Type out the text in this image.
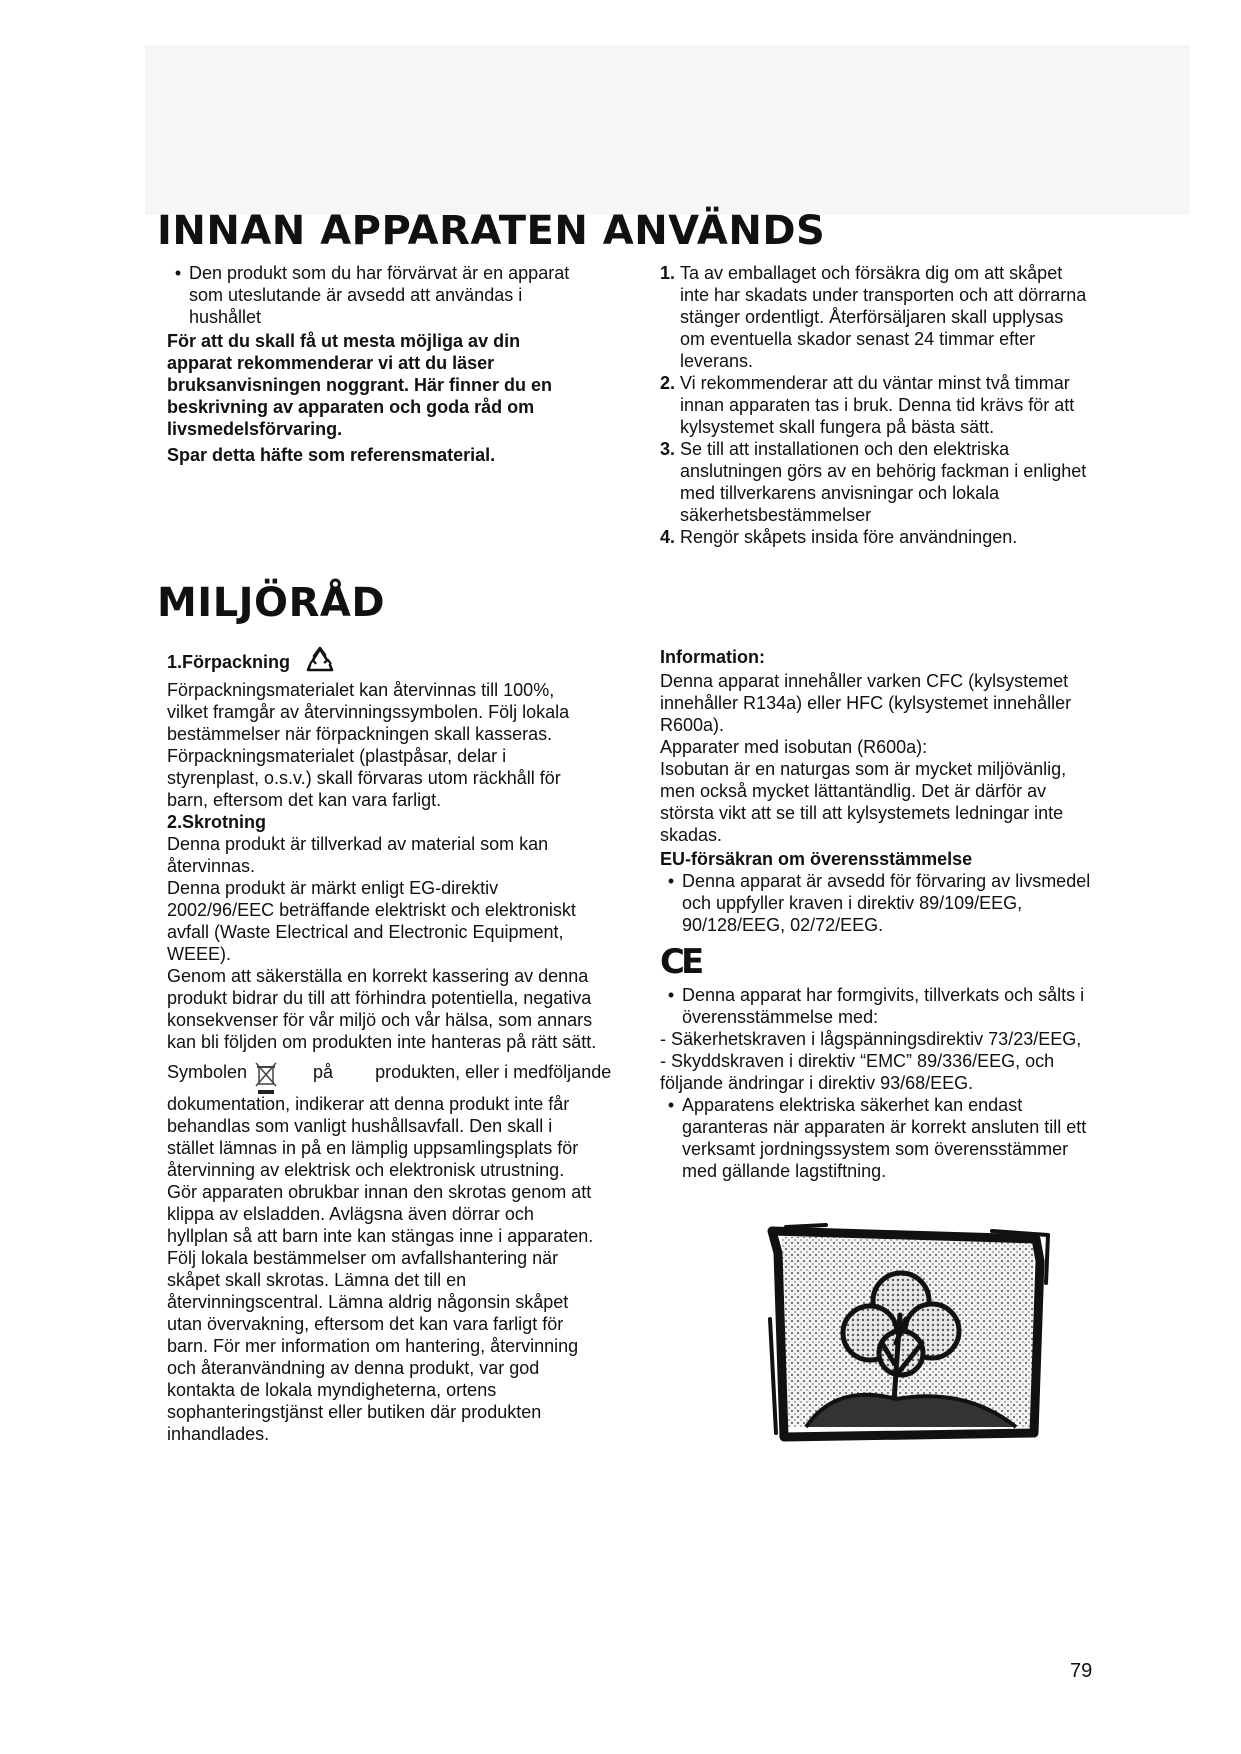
INNAN APPARATEN ANVÄNDS
• Den produkt som du har förvärvat är en apparat som uteslutande är avsedd att användas i hushållet

För att du skall få ut mesta möjliga av din apparat rekommenderar vi att du läser bruksanvisningen noggrant. Här finner du en beskrivning av apparaten och goda råd om livsmedelsförvaring.

Spar detta häfte som referensmaterial.

1. Ta av emballaget och försäkra dig om att skåpet inte har skadats under transporten och att dörrarna stänger ordentligt. Återförsäljaren skall upplysas om eventuella skador senast 24 timmar efter leverans.
2. Vi rekommenderar att du väntar minst två timmar innan apparaten tas i bruk. Denna tid krävs för att kylsystemet skall fungera på bästa sätt.
3. Se till att installationen och den elektriska anslutningen görs av en behörig fackman i enlighet med tillverkarens anvisningar och lokala säkerhetsbestämmelser
4. Rengör skåpets insida före användningen.
MILJÖRÅD
1.Förpackning

Förpackningsmaterialet kan återvinnas till 100%, vilket framgår av återvinningssymbolen. Följ lokala bestämmelser när förpackningen skall kasseras. Förpackningsmaterialet (plastpåsar, delar i styrenplast, o.s.v.) skall förvaras utom räckhåll för barn, eftersom det kan vara farligt.

2.Skrotning

Denna produkt är tillverkad av material som kan återvinnas.

Denna produkt är märkt enligt EG-direktiv 2002/96/EEC beträffande elektriskt och elektroniskt avfall (Waste Electrical and Electronic Equipment, WEEE).

Genom att säkerställa en korrekt kassering av denna produkt bidrar du till att förhindra potentiella, negativa konsekvenser för vår miljö och vår hälsa, som annars kan bli följden om produkten inte hanteras på rätt sätt.

Symbolen	på produkten, eller i medföljande

dokumentation, indikerar att denna produkt inte får behandlas som vanligt hushållsavfall. Den skall i stället lämnas in på en lämplig uppsamlingsplats för återvinning av elektrisk och elektronisk utrustning.

Gör apparaten obrukbar innan den skrotas genom att klippa av elsladden. Avlägsna även dörrar och hyllplan så att barn inte kan stängas inne i apparaten.

Följ lokala bestämmelser om avfallshantering när skåpet skall skrotas. Lämna det till en återvinningscentral. Lämna aldrig någonsin skåpet utan övervakning, eftersom det kan vara farligt för barn. För mer information om hantering, återvinning och återanvändning av denna produkt, var god kontakta de lokala myndigheterna, ortens sophanteringstjänst eller butiken där produkten inhandlades.

Information:

Denna apparat innehåller varken CFC (kylsystemet innehåller R134a) eller HFC (kylsystemet innehåller R600a).

Apparater med isobutan (R600a):

Isobutan är en naturgas som är mycket miljövänlig, men också mycket lättantändlig. Det är därför av största vikt att se till att kylsystemets ledningar inte skadas.

EU-försäkran om överensstämmelse

• Denna apparat är avsedd för förvaring av livsmedel och uppfyller kraven i direktiv 89/109/EEG, 90/128/EEG, 02/72/EEG.
CE
• Denna apparat har formgivits, tillverkats och sålts i överensstämmelse med:

- Säkerhetskraven i lågspänningsdirektiv 73/23/EEG,

- Skyddskraven i direktiv “EMC” 89/336/EEG, och följande ändringar i direktiv 93/68/EEG.

• Apparatens elektriska säkerhet kan endast garanteras när apparaten är korrekt ansluten till ett verksamt jordningssystem som överensstämmer med gällande lagstiftning.
79
